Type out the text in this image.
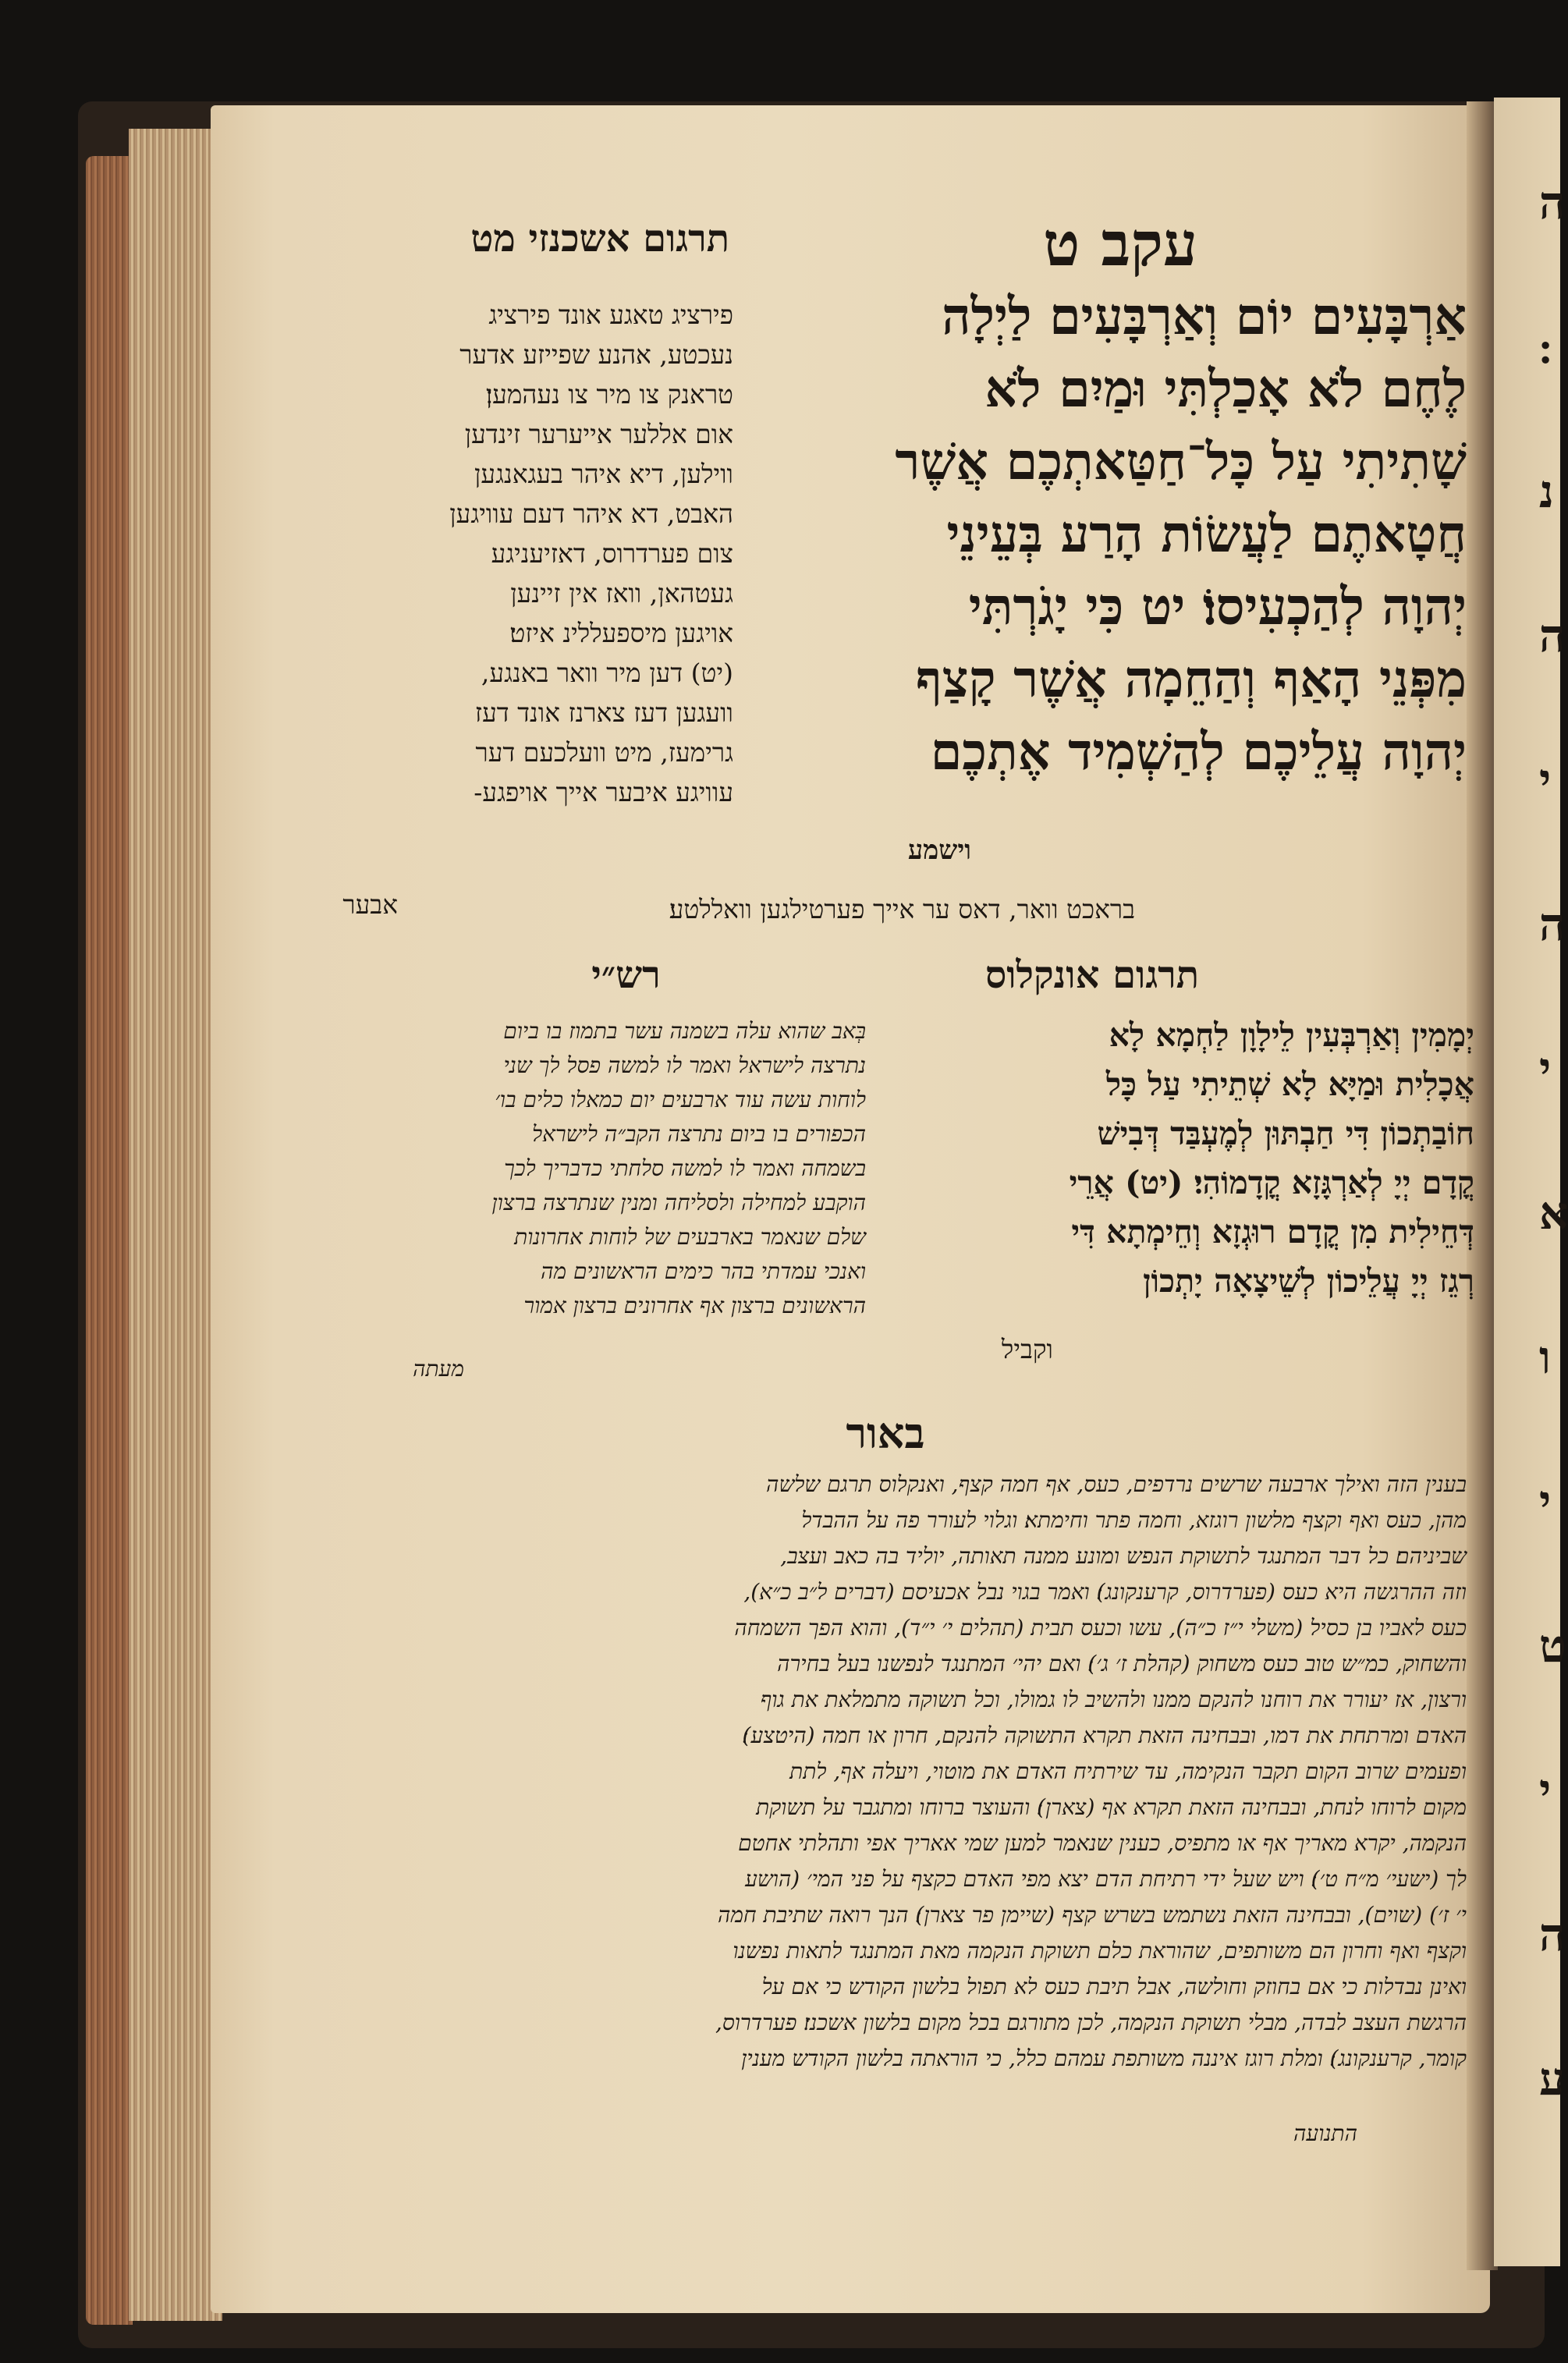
ה
נ
ה
י
ה
י
א
ו
י
ט
י
ה
ע
עקב ט
תרגום אשכנזי מט
אַרְבָּעִים יוֹם וְאַרְבָּעִים לַיְלָה
לֶחֶם לֹא אָכַלְתִּי וּמַיִם לֹא
שָׁתִיתִי עַל כָּל־חַטַּאתְכֶם אֲשֶׁר
חֲטָאתֶם לַעֲשׂוֹת הָרַע בְּעֵינֵי
יְהוָה לְהַכְעִיסוֹ׃ יט כִּי יָגֹרְתִּי
מִפְּנֵי הָאַף וְהַחֵמָה אֲשֶׁר קָצַף
יְהוָה עֲלֵיכֶם לְהַשְׁמִיד אֶתְכֶם
וישמע
פירציג טאגע אונד פירציג
נעכטע, אהנע שפייזע אדער
טראנק צו מיר צו נעהמען׃
אום אללער אייערער זינדען
ווילען, דיא איהר בעגאנגען
האבט, דא איהר דעם עוויגען
צום פערדרוס, דאזיעניגע
געטהאן, וואז אין זיינען
אויגען מיספעללינ איזט׃
(יט) דען מיר וואר באנגע,
וועגען דעז צארנז אונד דעז
גרימעז, מיט וועלכעם דער
עוויגע איבער אייך אויפגע-
בראכט וואר, דאס ער אייך פערטילגען וואללטע׃
אבער
תרגום אונקלוס
רש״י
יְמָמִין וְאַרְבְּעִין לֵילָוָן לַחְמָא לָא
אֲכָלִית וּמַיָּא לָא שְׁתֵיתִי עַל כָּל
חוֹבַתְכוֹן דִּי חַבְתּוּן לְמֶעְבַּד דְּבִישׁ
קֳדָם יְיָ לְאַרְגָּזָא קֳדָמוֹהִי׃ (יט) אֲרֵי
דְּחֵילִית מִן קֳדָם רוּגְזָא וְחֵימְתָא דִּי
רְגֵז יְיָ עֲלֵיכוֹן לְשֵׁיצָאָה יָתְכוֹן
וקביל
בְּאב שהוא עלה בשמנה עשר בתמוז בו ביום
נתרצה לישראל ואמר לו למשה פסל לך שני
לוחות עשה עוד ארבעים יום כמאלו כלים בו׳
הכפורים בו ביום נתרצה הקב״ה לישראל
בשמחה ואמר לו למשה סלחתי כדבריך לכך
הוקבע למחילה ולסליחה ומנין שנתרצה ברצון
שלם שנאמר בארבעים של לוחות אחרונות
ואנכי עמדתי בהר כימים הראשונים מה
הראשונים ברצון אף אחרונים ברצון אמור
מעתה
באור
בענין הזה ואילך ארבעה שרשים נרדפים, כעס, אף חמה קצף, ואנקלוס תרגם שלשה
מהן, כעס ואף וקצף מלשון רוגזא, וחמה פתר וחימתא׃ וגלוי לעורר פה על ההבדל
שביניהם׃ כל דבר המתנגד לתשוקת הנפש ומונע ממנה תאותה, יוליד בה כאב ועצב,
וזה ההרגשה היא כעס (פערדרוס, קרענקונג)׃ ואמר בגוי נבל אכעיסם (דברים ל״ב כ״א),
כעס לאביו בן כסיל (משלי י״ז כ״ה), עשו וכעס תבית (תהלים י׳ י״ד), והוא הפך השמחה
והשחוק, כמ״ש טוב כעס משחוק (קהלת ז׳ ג׳)׃ ואם יהי׳ המתנגד לנפשנו בעל בחירה
ורצון, אז יעורר את רוחנו להנקם ממנו ולהשיב לו גמולו, וכל תשוקה מתמלאת את גוף
האדם ומרתחת את דמו, ובבחינה הזאת תקרא התשוקה להנקם, חרון או חמה (היטצע)׃
ופעמים שרוב הקום תקבר הנקימה, עד שירתיח האדם את מוטוי, ויעלה אף, לתת
מקום לרוחו לנחת, ובבחינה הזאת תקרא אף (צארן)׃ והעוצר ברוחו ומתגבר על תשוקת
הנקמה, יקרא מאריך אף או מתפיס, כענין שנאמר למען שמי אאריך אפי ותהלתי אחטם
לך (ישעי׳ מ״ח ט׳)׃ ויש שעל ידי רתיחת הדם יצא מפי האדם כקצף על פני המי׳ (הושע
י׳ ז׳) (שוים), ובבחינה הזאת נשתמש בשרש קצף (שיימן פר צארן)׃ הנך רואה שתיבת חמה
וקצף ואף וחרון הם משותפים, שהוראת כלם תשוקת הנקמה מאת המתנגד לתאות נפשנו
ואינן נבדלות כי אם בחוזק וחולשה, אבל תיבת כעס לא תפול בלשון הקודש כי אם על
הרגשת העצב לבדה, מבלי תשוקת הנקמה, לכן מתורגם בכל מקום בלשון אשכנז׃ פערדרוס,
קומר, קרענקונג)׃ ומלת רוגז איננה משותפת עמהם כלל, כי הוראתה בלשון הקודש מענין
התנועה
